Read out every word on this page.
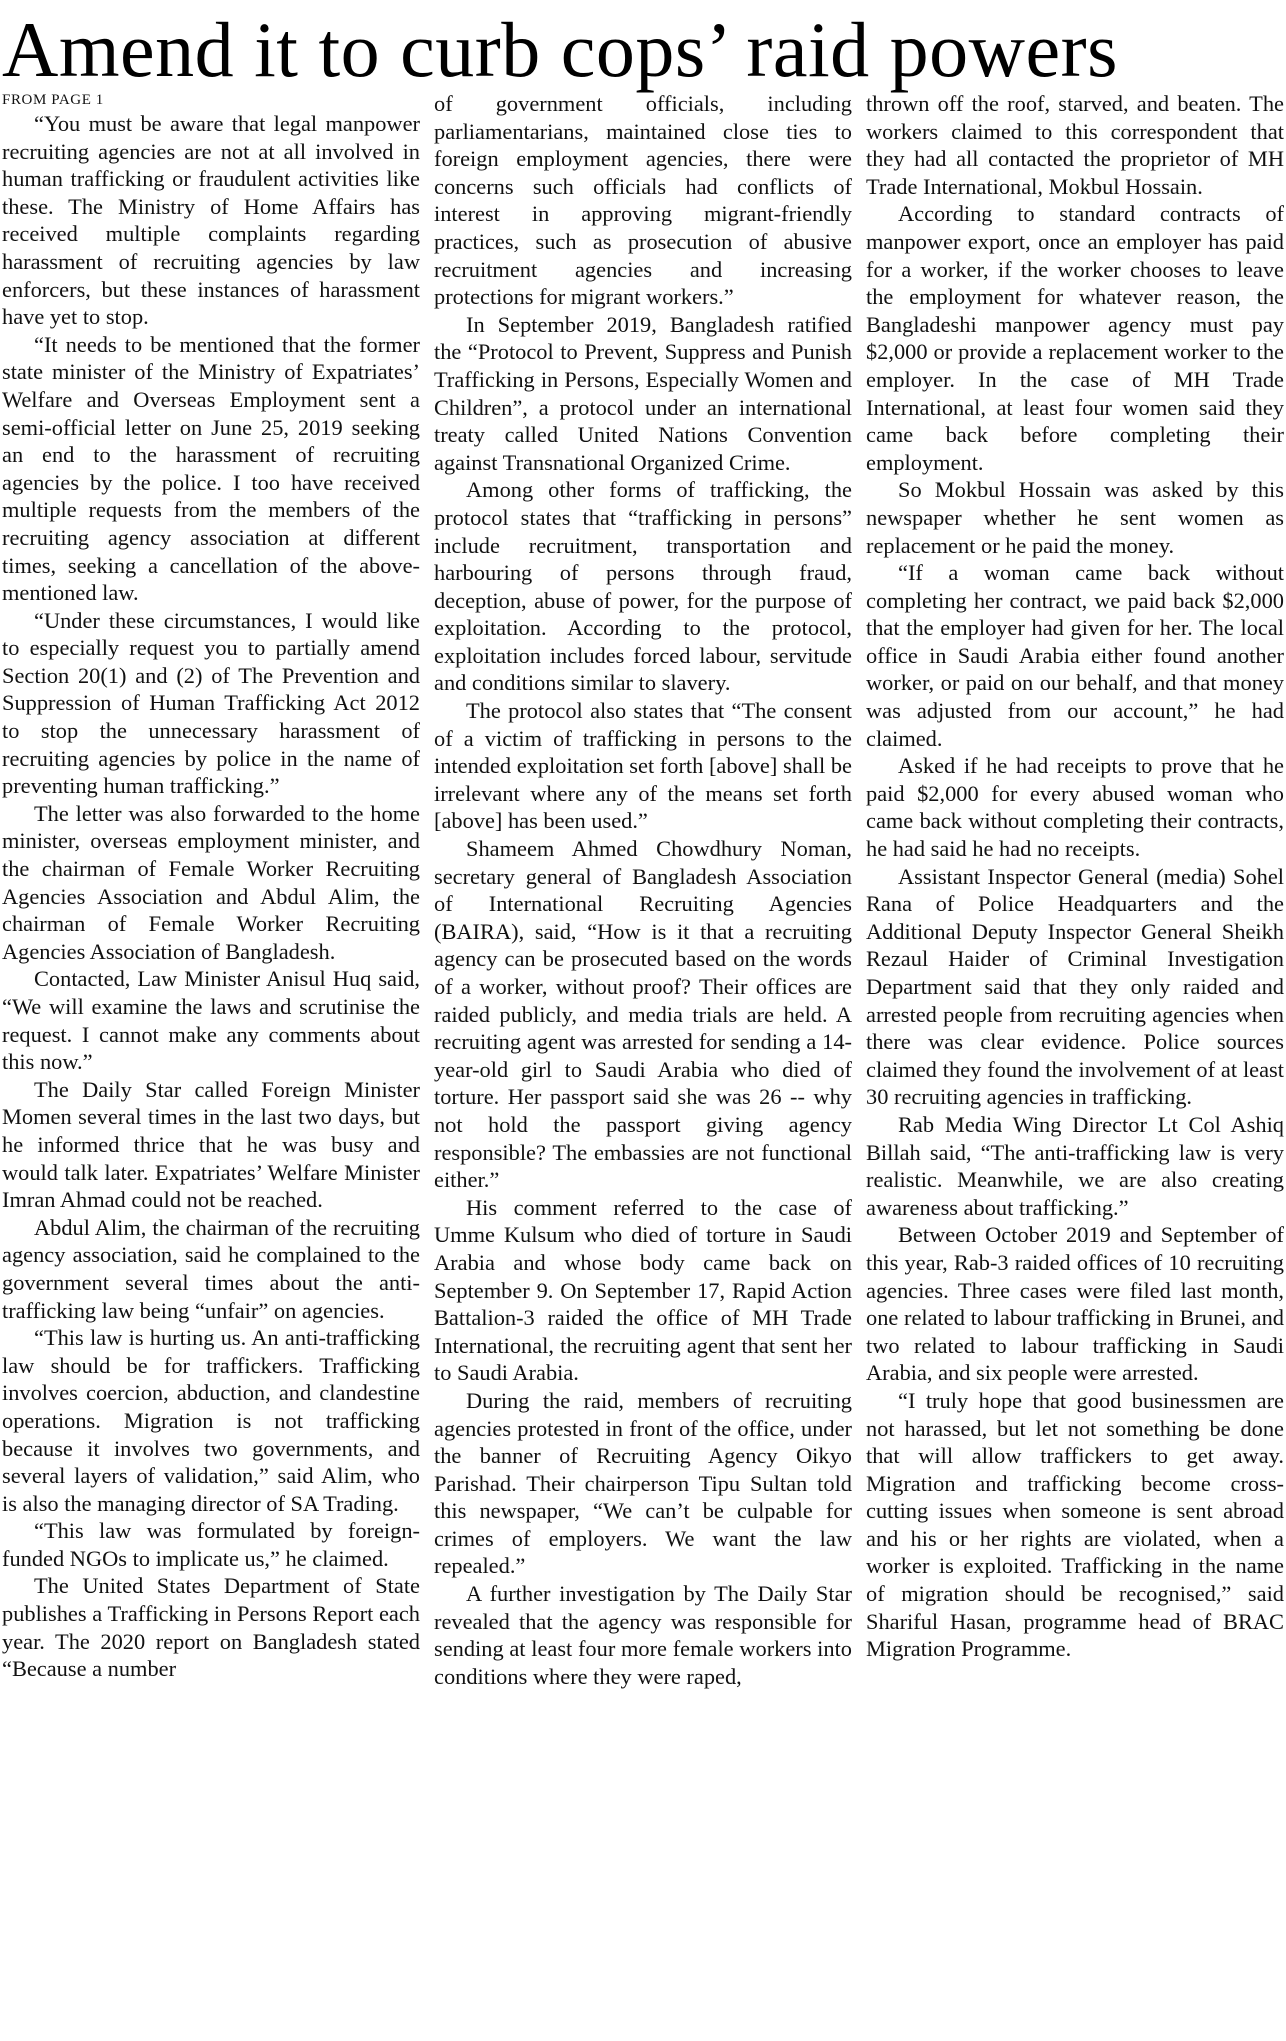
Amend it to curb cops’ raid powers
FROM PAGE 1

“You must be aware that legal manpower recruiting agencies are not at all involved in human trafficking or fraudulent activities like these. The Ministry of Home Affairs has received multiple complaints regarding harassment of recruiting agencies by law enforcers, but these instances of harassment have yet to stop.

“It needs to be mentioned that the former state minister of the Ministry of Expatriates’ Welfare and Overseas Employment sent a semi-official letter on June 25, 2019 seeking an end to the harassment of recruiting agencies by the police. I too have received multiple requests from the members of the recruiting agency association at different times, seeking a cancellation of the above-mentioned law.

“Under these circumstances, I would like to especially request you to partially amend Section 20(1) and (2) of The Prevention and Suppression of Human Trafficking Act 2012 to stop the unnecessary harassment of recruiting agencies by police in the name of preventing human trafficking.”

The letter was also forwarded to the home minister, overseas employment minister, and the chairman of Female Worker Recruiting Agencies Association and Abdul Alim, the chairman of Female Worker Recruiting Agencies Association of Bangladesh.

Contacted, Law Minister Anisul Huq said, “We will examine the laws and scrutinise the request. I cannot make any comments about this now.”

The Daily Star called Foreign Minister Momen several times in the last two days, but he informed thrice that he was busy and would talk later. Expatriates’ Welfare Minister Imran Ahmad could not be reached.

Abdul Alim, the chairman of the recruiting agency association, said he complained to the government several times about the anti-trafficking law being “unfair” on agencies.

“This law is hurting us. An anti-trafficking law should be for traffickers. Trafficking involves coercion, abduction, and clandestine operations. Migration is not trafficking because it involves two governments, and several layers of validation,” said Alim, who is also the managing director of SA Trading.

“This law was formulated by foreign-funded NGOs to implicate us,” he claimed.

The United States Department of State publishes a Trafficking in Persons Report each year. The 2020 report on Bangladesh stated “Because a number

of government officials, including parliamentarians, maintained close ties to foreign employment agencies, there were concerns such officials had conflicts of interest in approving migrant-friendly practices, such as prosecution of abusive recruitment agencies and increasing protections for migrant workers.”

In September 2019, Bangladesh ratified the “Protocol to Prevent, Suppress and Punish Trafficking in Persons, Especially Women and Children”, a protocol under an international treaty called United Nations Convention against Transnational Organized Crime.

Among other forms of trafficking, the protocol states that “trafficking in persons” include recruitment, transportation and harbouring of persons through fraud, deception, abuse of power, for the purpose of exploitation. According to the protocol, exploitation includes forced labour, servitude and conditions similar to slavery.

The protocol also states that “The consent of a victim of trafficking in persons to the intended exploitation set forth [above] shall be irrelevant where any of the means set forth [above] has been used.”

Shameem Ahmed Chowdhury Noman, secretary general of Bangladesh Association of International Recruiting Agencies (BAIRA), said, “How is it that a recruiting agency can be prosecuted based on the words of a worker, without proof? Their offices are raided publicly, and media trials are held. A recruiting agent was arrested for sending a 14-year-old girl to Saudi Arabia who died of torture. Her passport said she was 26 -- why not hold the passport giving agency responsible? The embassies are not functional either.”

His comment referred to the case of Umme Kulsum who died of torture in Saudi Arabia and whose body came back on September 9. On September 17, Rapid Action Battalion-3 raided the office of MH Trade International, the recruiting agent that sent her to Saudi Arabia.

During the raid, members of recruiting agencies protested in front of the office, under the banner of Recruiting Agency Oikyo Parishad. Their chairperson Tipu Sultan told this newspaper, “We can’t be culpable for crimes of employers. We want the law repealed.”

A further investigation by The Daily Star revealed that the agency was responsible for sending at least four more female workers into conditions where they were raped,

thrown off the roof, starved, and beaten. The workers claimed to this correspondent that they had all contacted the proprietor of MH Trade International, Mokbul Hossain.

According to standard contracts of manpower export, once an employer has paid for a worker, if the worker chooses to leave the employment for whatever reason, the Bangladeshi manpower agency must pay $2,000 or provide a replacement worker to the employer. In the case of MH Trade International, at least four women said they came back before completing their employment.

So Mokbul Hossain was asked by this newspaper whether he sent women as replacement or he paid the money.

“If a woman came back without completing her contract, we paid back $2,000 that the employer had given for her. The local office in Saudi Arabia either found another worker, or paid on our behalf, and that money was adjusted from our account,” he had claimed.

Asked if he had receipts to prove that he paid $2,000 for every abused woman who came back without completing their contracts, he had said he had no receipts.

Assistant Inspector General (media) Sohel Rana of Police Headquarters and the Additional Deputy Inspector General Sheikh Rezaul Haider of Criminal Investigation Department said that they only raided and arrested people from recruiting agencies when there was clear evidence. Police sources claimed they found the involvement of at least 30 recruiting agencies in trafficking.

Rab Media Wing Director Lt Col Ashiq Billah said, “The anti-trafficking law is very realistic. Meanwhile, we are also creating awareness about trafficking.”

Between October 2019 and September of this year, Rab-3 raided offices of 10 recruiting agencies. Three cases were filed last month, one related to labour trafficking in Brunei, and two related to labour trafficking in Saudi Arabia, and six people were arrested.

“I truly hope that good businessmen are not harassed, but let not something be done that will allow traffickers to get away. Migration and trafficking become cross-cutting issues when someone is sent abroad and his or her rights are violated, when a worker is exploited. Trafficking in the name of migration should be recognised,” said Shariful Hasan, programme head of BRAC Migration Programme.
